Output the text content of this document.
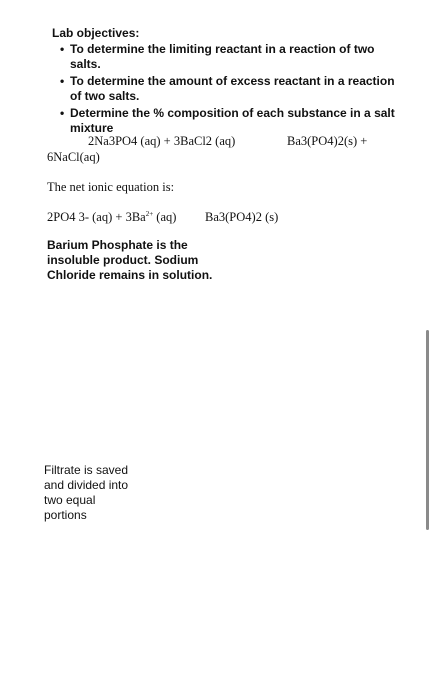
Lab objectives:
• To determine the limiting reactant in a reaction of two salts.
• To determine the amount of excess reactant in a reaction of two salts.
• Determine the % composition of each substance in a salt mixture
2Na3PO4 (aq) + 3BaCl2 (aq)	Ba3(PO4)2(s) +
6NaCl(aq)
The net ionic equation is:
2PO4 3- $(aq) + 3Ba^{2+}$ (aq) Ba3(PO4)2 (s)
Barium Phosphate is the insoluble product. Sodium Chloride remains in solution.
Filtrate is saved and divided into two equal portions
